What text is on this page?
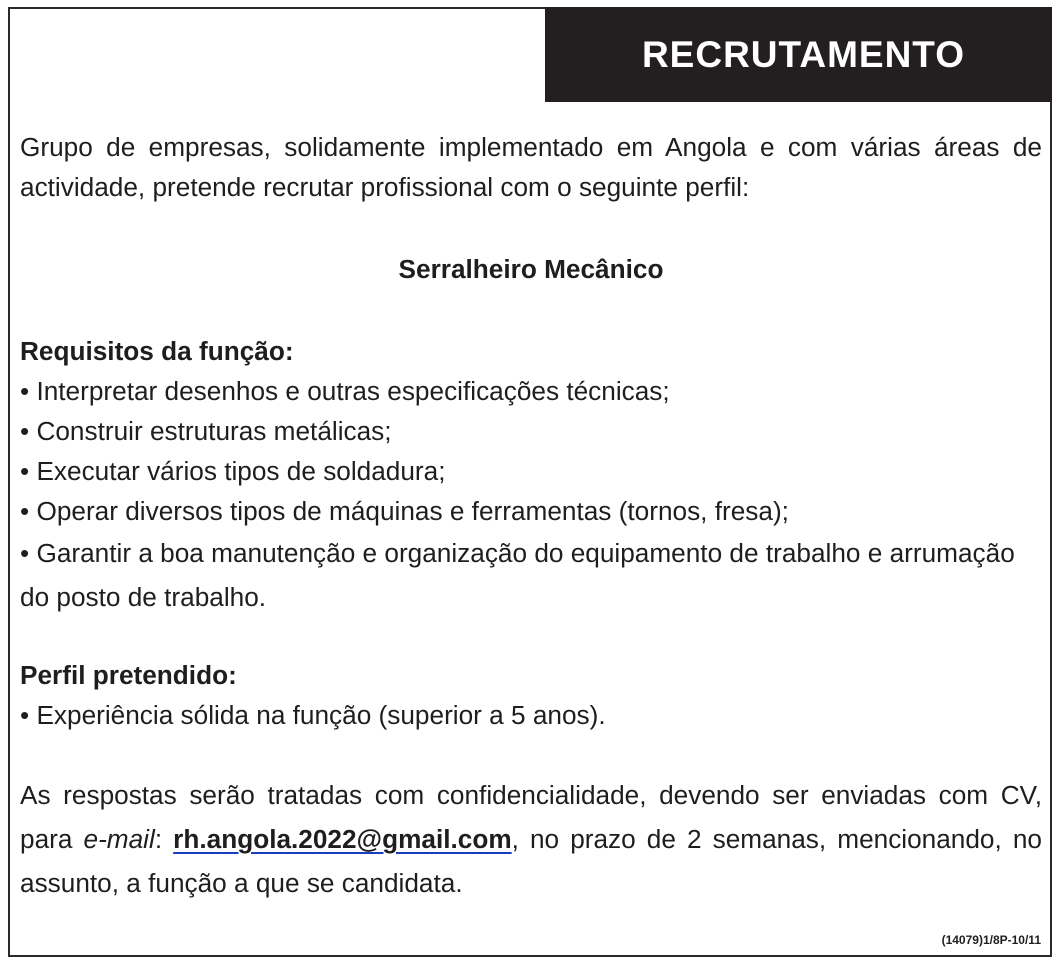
RECRUTAMENTO

Grupo de empresas, solidamente implementado em Angola e com várias áreas de actividade, pretende recrutar profissional com o seguinte perfil:

Serralheiro Mecânico

Requisitos da função:

• Interpretar desenhos e outras especificações técnicas;
• Construir estruturas metálicas;
• Executar vários tipos de soldadura;
• Operar diversos tipos de máquinas e ferramentas (tornos, fresa);
• Garantir a boa manutenção e organização do equipamento de trabalho e arrumação do posto de trabalho.

Perfil pretendido:

• Experiência sólida na função (superior a 5 anos).

As respostas serão tratadas com confidencialidade, devendo ser enviadas com CV, para e-mail: rh.angola.2022@gmail.com, no prazo de 2 semanas, mencionando, no assunto, a função a que se candidata.

(14079)1/8P-10/11
